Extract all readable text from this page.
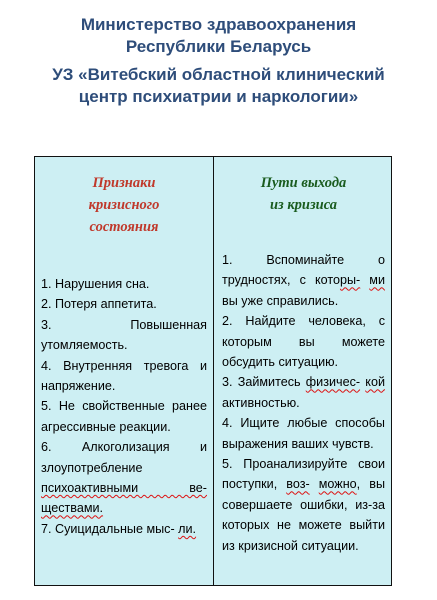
Министерство здравоохранения
Республики Беларусь
УЗ «Витебский областной клинический
центр психиатрии и наркологии»
Признаки
кризисного
состояния
1. Нарушения сна.
2. Потеря аппетита.
3. Повышенная утомляемость.
4. Внутренняя тревога и напряжение.
5. Не свойственные ранее агрессивные реакции.
6. Алкоголизация и злоупотребление психоактивными ве- ществами.
7. Суицидальные мыс- ли.
Пути выхода
из кризиса
1. Вспоминайте о трудностях, с которы- ми вы уже справились.
2. Найдите человека, с которым вы можете обсудить ситуацию.
3. Займитесь физичес- кой активностью.
4. Ищите любые способы выражения ваших чувств.
5. Проанализируйте свои поступки, воз- можно, вы совершаете ошибки, из-за которых не можете выйти из кризисной ситуации.
